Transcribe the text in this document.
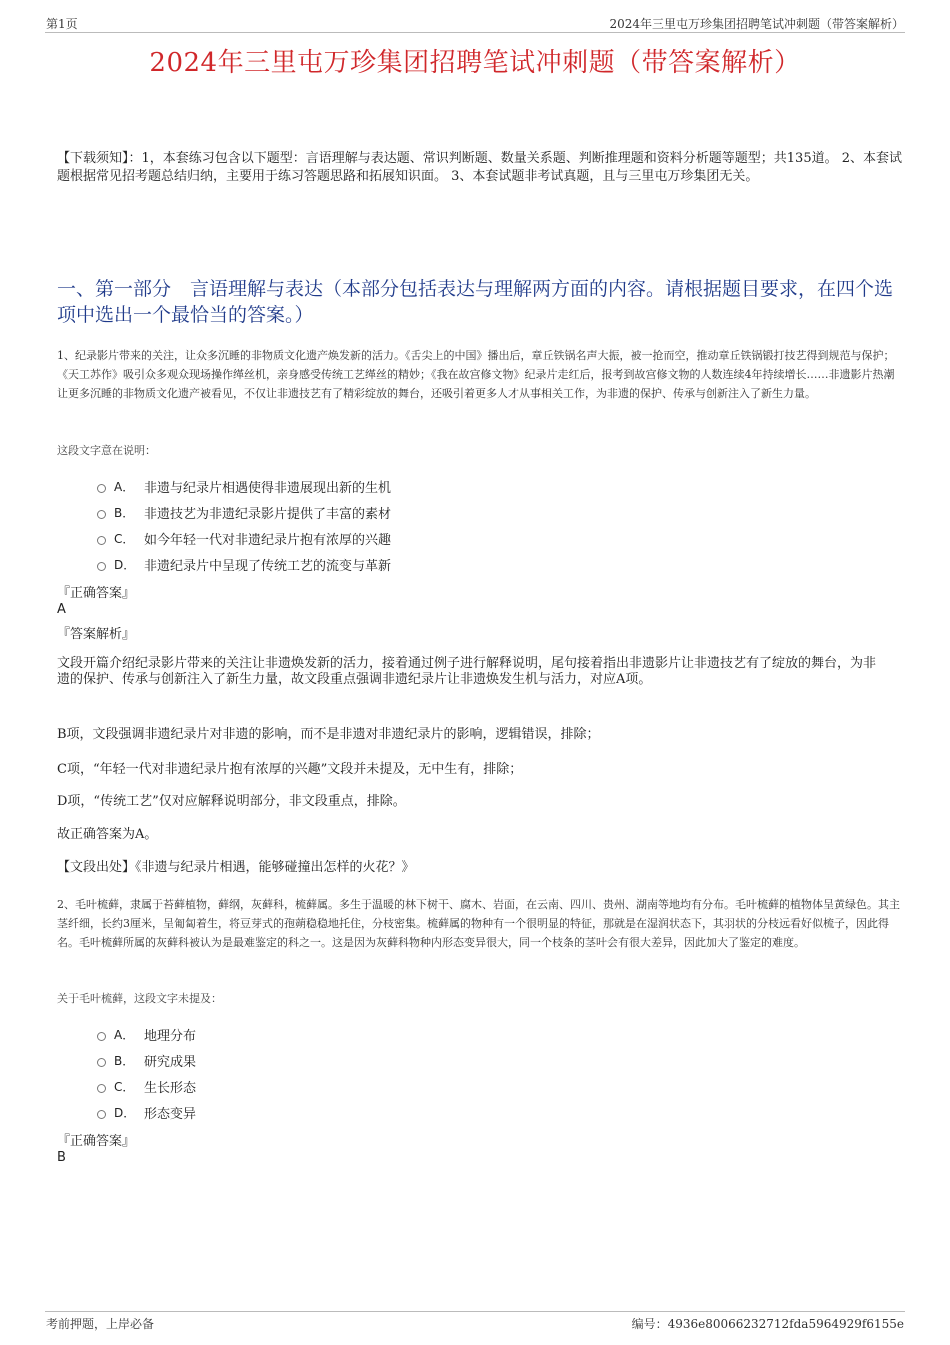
第1页	2024年三里屯万珍集团招聘笔试冲刺题（带答案解析）
2024年三里屯万珍集团招聘笔试冲刺题（带答案解析）
【下载须知】：1，本套练习包含以下题型：言语理解与表达题、常识判断题、数量关系题、判断推理题和资料分析题等题型；共135道。 2、本套试题根据常见招考题总结归纳，主要用于练习答题思路和拓展知识面。 3、本套试题非考试真题，且与三里屯万珍集团无关。
一、第一部分　言语理解与表达（本部分包括表达与理解两方面的内容。请根据题目要求，在四个选项中选出一个最恰当的答案。）
1、纪录影片带来的关注，让众多沉睡的非物质文化遗产焕发新的活力。《舌尖上的中国》播出后，章丘铁锅名声大振，被一抢而空，推动章丘铁锅锻打技艺得到规范与保护；《天工苏作》吸引众多观众现场操作缂丝机，亲身感受传统工艺缂丝的精妙；《我在故宫修文物》纪录片走红后，报考到故宫修文物的人数连续4年持续增长……非遗影片热潮让更多沉睡的非物质文化遗产被看见，不仅让非遗技艺有了精彩绽放的舞台，还吸引着更多人才从事相关工作，为非遗的保护、传承与创新注入了新生力量。
这段文字意在说明：
A． 非遗与纪录片相遇使得非遗展现出新的生机
B． 非遗技艺为非遗纪录影片提供了丰富的素材
C． 如今年轻一代对非遗纪录片抱有浓厚的兴趣
D． 非遗纪录片中呈现了传统工艺的流变与革新
『正确答案』
A
『答案解析』
文段开篇介绍纪录影片带来的关注让非遗焕发新的活力，接着通过例子进行解释说明，尾句接着指出非遗影片让非遗技艺有了绽放的舞台，为非遗的保护、传承与创新注入了新生力量，故文段重点强调非遗纪录片让非遗焕发生机与活力，对应A项。
B项，文段强调非遗纪录片对非遗的影响，而不是非遗对非遗纪录片的影响，逻辑错误，排除；
C项，“年轻一代对非遗纪录片抱有浓厚的兴趣”文段并未提及，无中生有，排除；
D项，“传统工艺”仅对应解释说明部分，非文段重点，排除。
故正确答案为A。
【文段出处】《非遗与纪录片相遇，能够碰撞出怎样的火花？》
2、毛叶梳藓，隶属于苔藓植物，藓纲，灰藓科，梳藓属。多生于温暖的林下树干、腐木、岩面，在云南、四川、贵州、湖南等地均有分布。毛叶梳藓的植物体呈黄绿色。其主茎纤细，长约3厘米，呈匍匐着生，将豆芽式的孢蒴稳稳地托住，分枝密集。梳藓属的物种有一个很明显的特征，那就是在湿润状态下，其羽状的分枝远看好似梳子，因此得名。毛叶梳藓所属的灰藓科被认为是最难鉴定的科之一。这是因为灰藓科物种内形态变异很大，同一个枝条的茎叶会有很大差异，因此加大了鉴定的难度。
关于毛叶梳藓，这段文字未提及：
A． 地理分布
B． 研究成果
C． 生长形态
D． 形态变异
『正确答案』
B
考前押题，上岸必备	编号：4936e80066232712fda5964929f6155e
